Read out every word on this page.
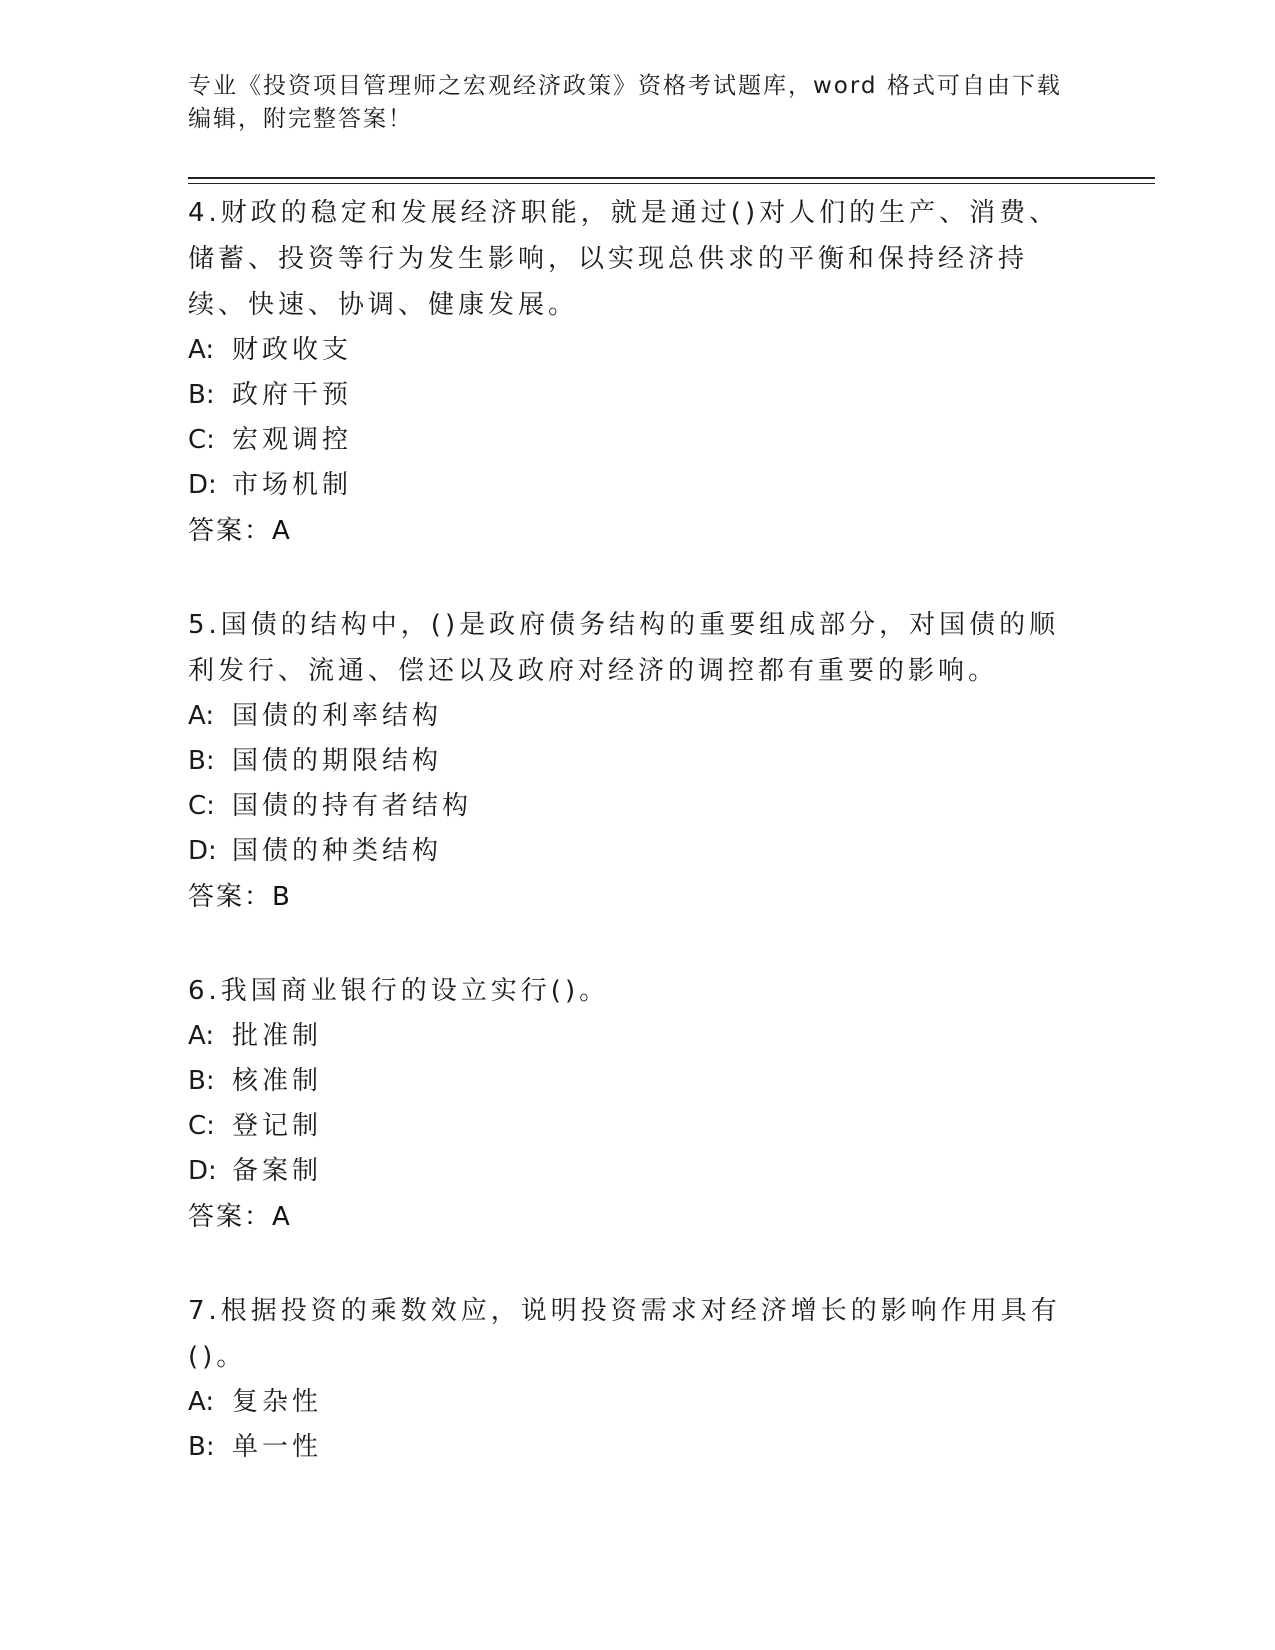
专业《投资项目管理师之宏观经济政策》资格考试题库，word 格式可自由下载编辑，附完整答案！

4.财政的稳定和发展经济职能，就是通过()对人们的生产、消费、储蓄、投资等行为发生影响，以实现总供求的平衡和保持经济持续、快速、协调、健康发展。

A: 财政收支
B: 政府干预
C: 宏观调控
D: 市场机制
答案：A

5.国债的结构中，()是政府债务结构的重要组成部分，对国债的顺利发行、流通、偿还以及政府对经济的调控都有重要的影响。

A: 国债的利率结构
B: 国债的期限结构
C: 国债的持有者结构
D: 国债的种类结构
答案：B

6.我国商业银行的设立实行()。

A: 批准制
B: 核准制
C: 登记制
D: 备案制
答案：A

7.根据投资的乘数效应，说明投资需求对经济增长的影响作用具有()。

A: 复杂性
B: 单一性
